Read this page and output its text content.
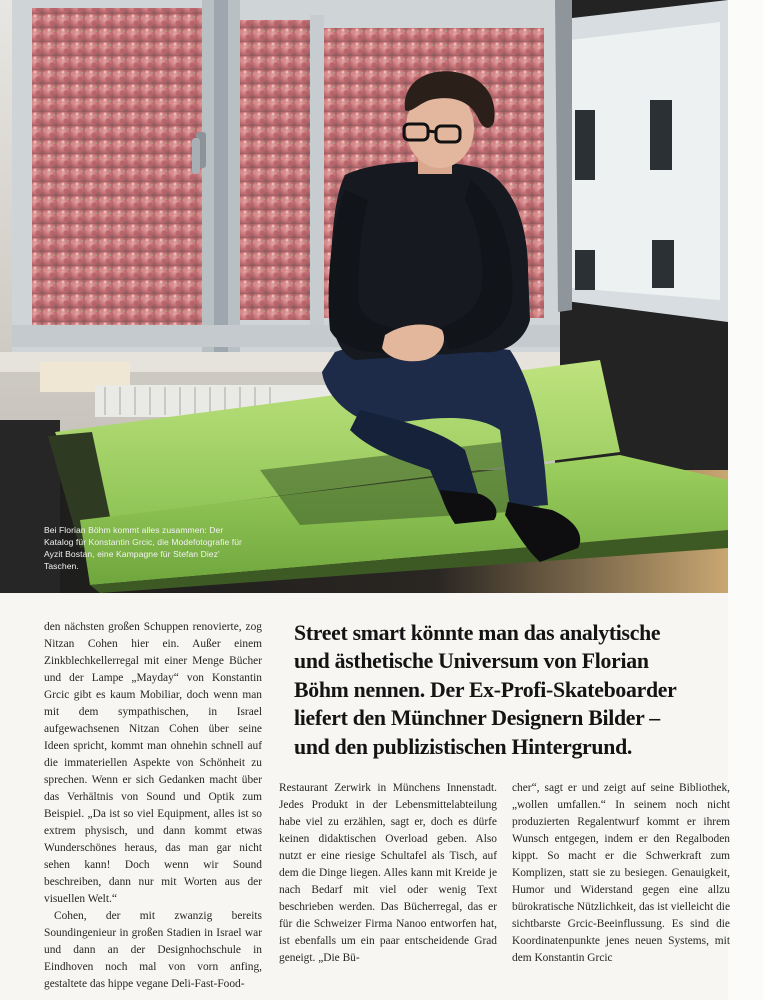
Bei Florian Böhm kommt alles zusammen: Der Katalog für Konstantin Grcic, die Modefotografie für Ayzit Bostan, eine Kampagne für Stefan Diez' Taschen.
Street smart könnte man das analytische
und ästhetische Universum von Florian
Böhm nennen. Der Ex-Profi-Skateboarder
liefert den Münchner Designern Bilder –
und den publizistischen Hintergrund.

den nächsten großen Schuppen renovierte, zog Nitzan Cohen hier ein. Außer einem Zinkblechkellerregal mit einer Menge Bücher und der Lampe „Mayday“ von Konstantin Grcic gibt es kaum Mobiliar, doch wenn man mit dem sympathischen, in Israel aufgewachsenen Nitzan Cohen über seine Ideen spricht, kommt man ohnehin schnell auf die immateriellen Aspekte von Schönheit zu sprechen. Wenn er sich Gedanken macht über das Verhältnis von Sound und Optik zum Beispiel. „Da ist so viel Equipment, alles ist so extrem physisch, und dann kommt etwas Wunderschönes heraus, das man gar nicht sehen kann! Doch wenn wir Sound beschreiben, dann nur mit Worten aus der visuellen Welt.“

Cohen, der mit zwanzig bereits Soundingenieur in großen Stadien in Israel war und dann an der Designhochschule in Eindhoven noch mal von vorn anfing, gestaltete das hippe vegane Deli-Fast-Food-

Restaurant Zerwirk in Münchens Innenstadt. Jedes Produkt in der Lebensmittelabteilung habe viel zu erzählen, sagt er, doch es dürfe keinen didaktischen Overload geben. Also nutzt er eine riesige Schultafel als Tisch, auf dem die Dinge liegen. Alles kann mit Kreide je nach Bedarf mit viel oder wenig Text beschrieben werden. Das Bücherregal, das er für die Schweizer Firma Nanoo entworfen hat, ist ebenfalls um ein paar entscheidende Grad geneigt. „Die Bü-

cher“, sagt er und zeigt auf seine Bibliothek, „wollen umfallen.“ In seinem noch nicht produzierten Regalentwurf kommt er ihrem Wunsch entgegen, indem er den Regalboden kippt. So macht er die Schwerkraft zum Komplizen, statt sie zu besiegen. Genauigkeit, Humor und Widerstand gegen eine allzu bürokratische Nützlichkeit, das ist vielleicht die sichtbarste Grcic-Beeinflussung. Es sind die Koordinatenpunkte jenes neuen Systems, mit dem Konstantin Grcic
